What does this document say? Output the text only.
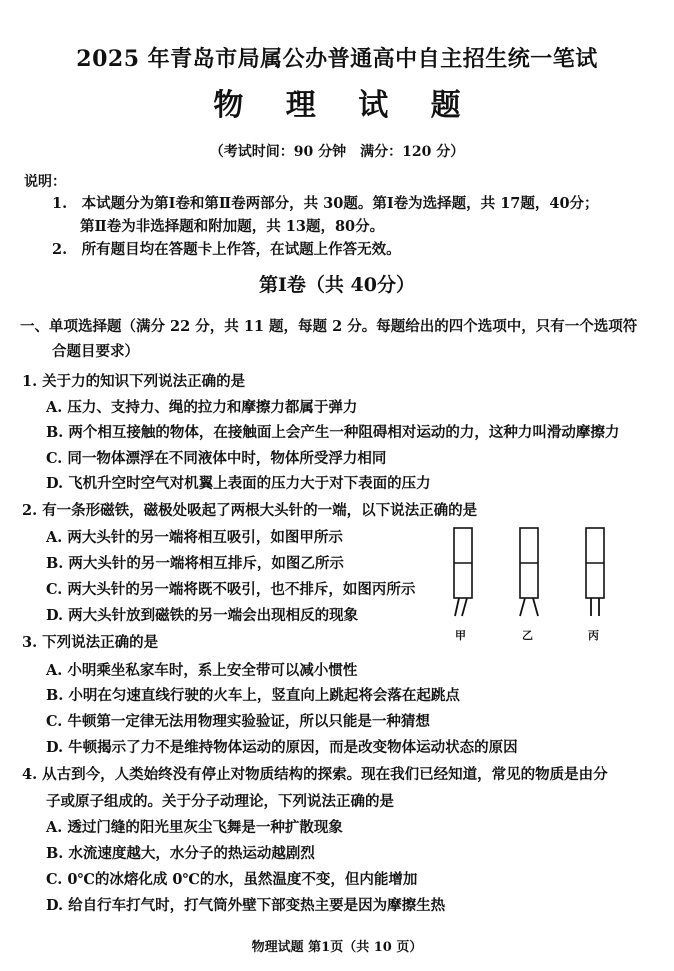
2025 年青岛市局属公办普通高中自主招生统一笔试
物 理 试 题
（考试时间：90 分钟　满分：120 分）
说明：
1.　本试题分为第Ⅰ卷和第Ⅱ卷两部分，共 30题。第Ⅰ卷为选择题，共 17题，40分；
第Ⅱ卷为非选择题和附加题，共 13题，80分。
2.　所有题目均在答题卡上作答，在试题上作答无效。
第Ⅰ卷（共 40分）
一、单项选择题（满分 22 分，共 11 题，每题 2 分。每题给出的四个选项中，只有一个选项符
合题目要求）
1. 关于力的知识下列说法正确的是
A. 压力、支持力、绳的拉力和摩擦力都属于弹力
B. 两个相互接触的物体，在接触面上会产生一种阻碍相对运动的力，这种力叫滑动摩擦力
C. 同一物体漂浮在不同液体中时，物体所受浮力相同
D. 飞机升空时空气对机翼上表面的压力大于对下表面的压力
2. 有一条形磁铁，磁极处吸起了两根大头针的一端，以下说法正确的是
A. 两大头针的另一端将相互吸引，如图甲所示
B. 两大头针的另一端将相互排斥，如图乙所示
C. 两大头针的另一端将既不吸引，也不排斥，如图丙所示
D. 两大头针放到磁铁的另一端会出现相反的现象
甲	乙	丙
3. 下列说法正确的是
A. 小明乘坐私家车时，系上安全带可以减小惯性
B. 小明在匀速直线行驶的火车上，竖直向上跳起将会落在起跳点
C. 牛顿第一定律无法用物理实验验证，所以只能是一种猜想
D. 牛顿揭示了力不是维持物体运动的原因，而是改变物体运动状态的原因
4. 从古到今，人类始终没有停止对物质结构的探索。现在我们已经知道，常见的物质是由分
子或原子组成的。关于分子动理论，下列说法正确的是
A. 透过门缝的阳光里灰尘飞舞是一种扩散现象
B. 水流速度越大，水分子的热运动越剧烈
C. 0℃的冰熔化成 0℃的水，虽然温度不变，但内能增加
D. 给自行车打气时，打气筒外壁下部变热主要是因为摩擦生热
物理试题 第1页（共 10 页）
